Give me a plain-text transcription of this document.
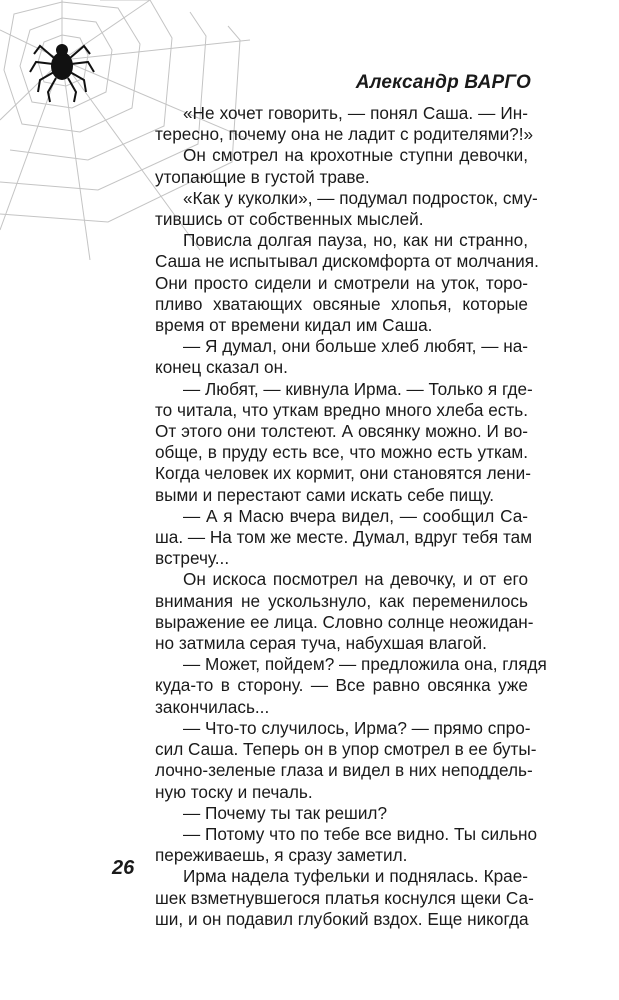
Александр ВАРГО

«Не хочет говорить, — понял Саша. — Ин-
тересно, почему она не ладит с родителями?!»

Он смотрел на крохотные ступни девочки,
утопающие в густой траве.

«Как у куколки», — подумал подросток, сму-
тившись от собственных мыслей.

Повисла долгая пауза, но, как ни странно,
Саша не испытывал дискомфорта от молчания.
Они просто сидели и смотрели на уток, торо-
пливо хватающих овсяные хлопья, которые
время от времени кидал им Саша.

— Я думал, они больше хлеб любят, — на-
конец сказал он.

— Любят, — кивнула Ирма. — Только я где-
то читала, что уткам вредно много хлеба есть.
От этого они толстеют. А овсянку можно. И во-
обще, в пруду есть все, что можно есть уткам.
Когда человек их кормит, они становятся лени-
выми и перестают сами искать себе пищу.

— А я Масю вчера видел, — сообщил Са-
ша. — На том же месте. Думал, вдруг тебя там
встречу...

Он искоса посмотрел на девочку, и от его
внимания не ускользнуло, как переменилось
выражение ее лица. Словно солнце неожидан-
но затмила серая туча, набухшая влагой.

— Может, пойдем? — предложила она, глядя
куда-то в сторону. — Все равно овсянка уже
закончилась...

— Что-то случилось, Ирма? — прямо спро-
сил Саша. Теперь он в упор смотрел в ее буты-
лочно-зеленые глаза и видел в них неподдель-
ную тоску и печаль.

— Почему ты так решил?

— Потому что по тебе все видно. Ты сильно
переживаешь, я сразу заметил.

Ирма надела туфельки и поднялась. Крае-
шек взметнувшегося платья коснулся щеки Са-
ши, и он подавил глубокий вздох. Еще никогда

26
